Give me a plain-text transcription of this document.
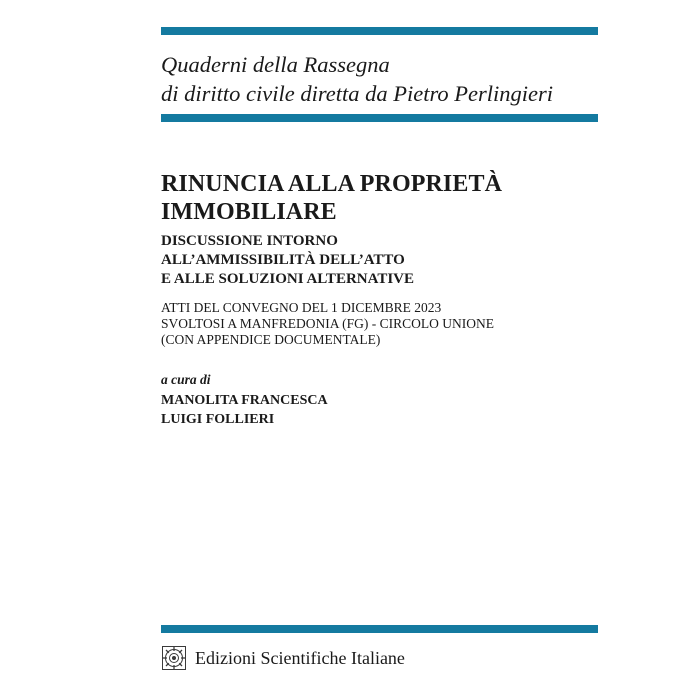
Quaderni della Rassegna
di diritto civile diretta da Pietro Perlingieri
RINUNCIA ALLA PROPRIETÀ
IMMOBILIARE
DISCUSSIONE INTORNO
ALL’AMMISSIBILITÀ DELL’ATTO
E ALLE SOLUZIONI ALTERNATIVE
ATTI DEL CONVEGNO DEL 1 DICEMBRE 2023
SVOLTOSI A MANFREDONIA (FG) - CIRCOLO UNIONE
(CON APPENDICE DOCUMENTALE)
a cura di
MANOLITA FRANCESCA
LUIGI FOLLIERI
Edizioni Scientifiche Italiane
